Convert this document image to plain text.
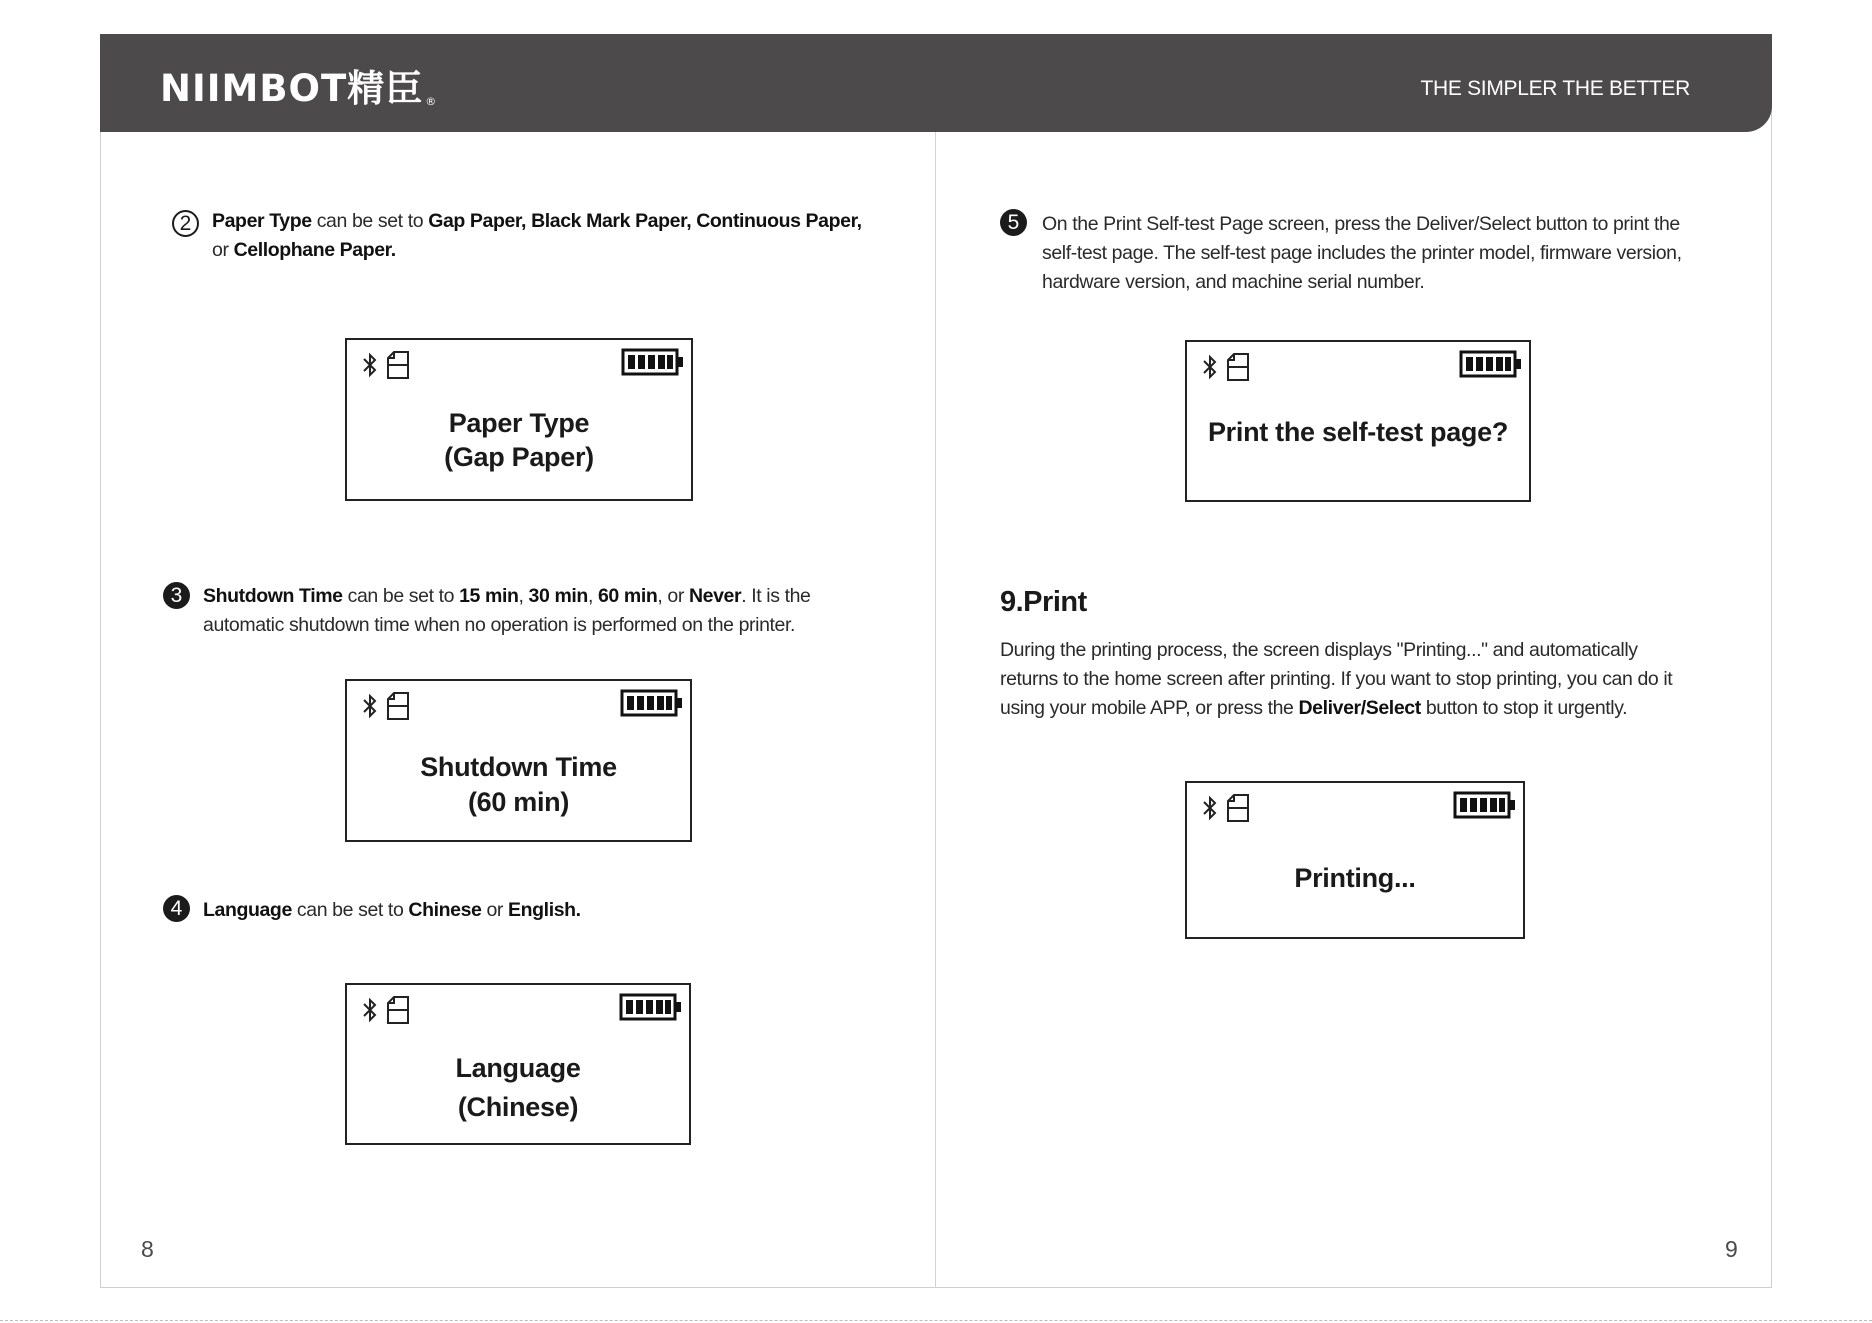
NIIMBOT精臣 ®
THE SIMPLER THE BETTER
2	Paper Type can be set to Gap Paper, Black Mark Paper, Continuous Paper,
or Cellophane Paper.
Paper Type
(Gap Paper)
3	Shutdown Time can be set to 15 min, 30 min, 60 min, or Never. It is the
automatic shutdown time when no operation is performed on the printer.
Shutdown Time
(60 min)
4	Language can be set to Chinese or English.
Language
(Chinese)
8
5	On the Print Self-test Page screen, press the Deliver/Select button to print the
self-test page. The self-test page includes the printer model, firmware version,
hardware version, and machine serial number.
Print the self-test page?
9.Print
During the printing process, the screen displays "Printing..." and automatically
returns to the home screen after printing. If you want to stop printing, you can do it
using your mobile APP, or press the Deliver/Select button to stop it urgently.
Printing...
9
